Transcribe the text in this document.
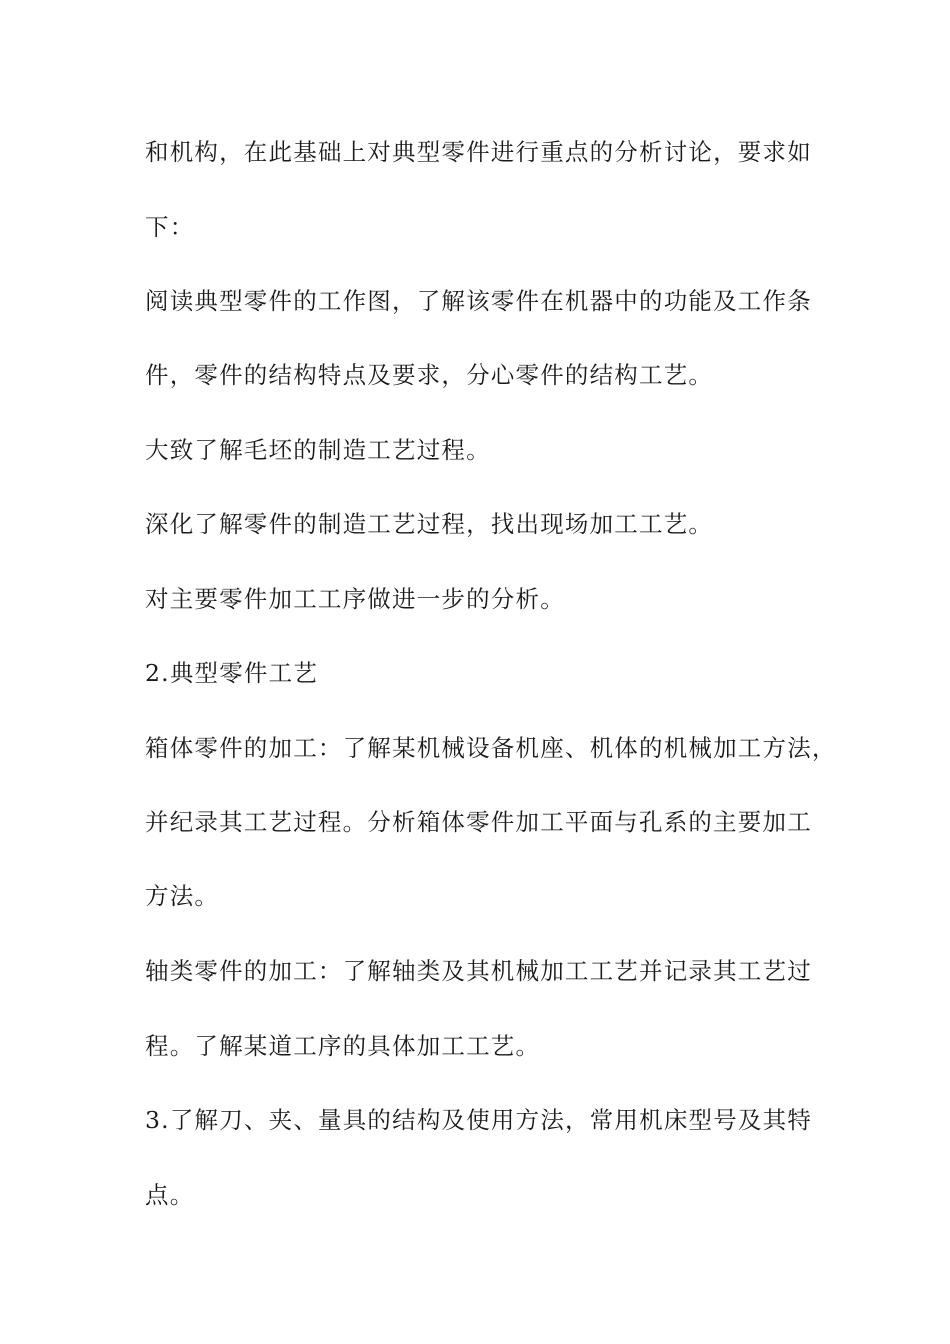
和机构，在此基础上对典型零件进行重点的分析讨论，要求如
下：
阅读典型零件的工作图，了解该零件在机器中的功能及工作条
件，零件的结构特点及要求，分心零件的结构工艺。
大致了解毛坯的制造工艺过程。
深化了解零件的制造工艺过程，找出现场加工工艺。
对主要零件加工工序做进一步的分析。
2.典型零件工艺
箱体零件的加工：了解某机械设备机座、机体的机械加工方法，
并纪录其工艺过程。分析箱体零件加工平面与孔系的主要加工
方法。
轴类零件的加工：了解轴类及其机械加工工艺并记录其工艺过
程。了解某道工序的具体加工工艺。
3.了解刀、夹、量具的结构及使用方法，常用机床型号及其特
点。
